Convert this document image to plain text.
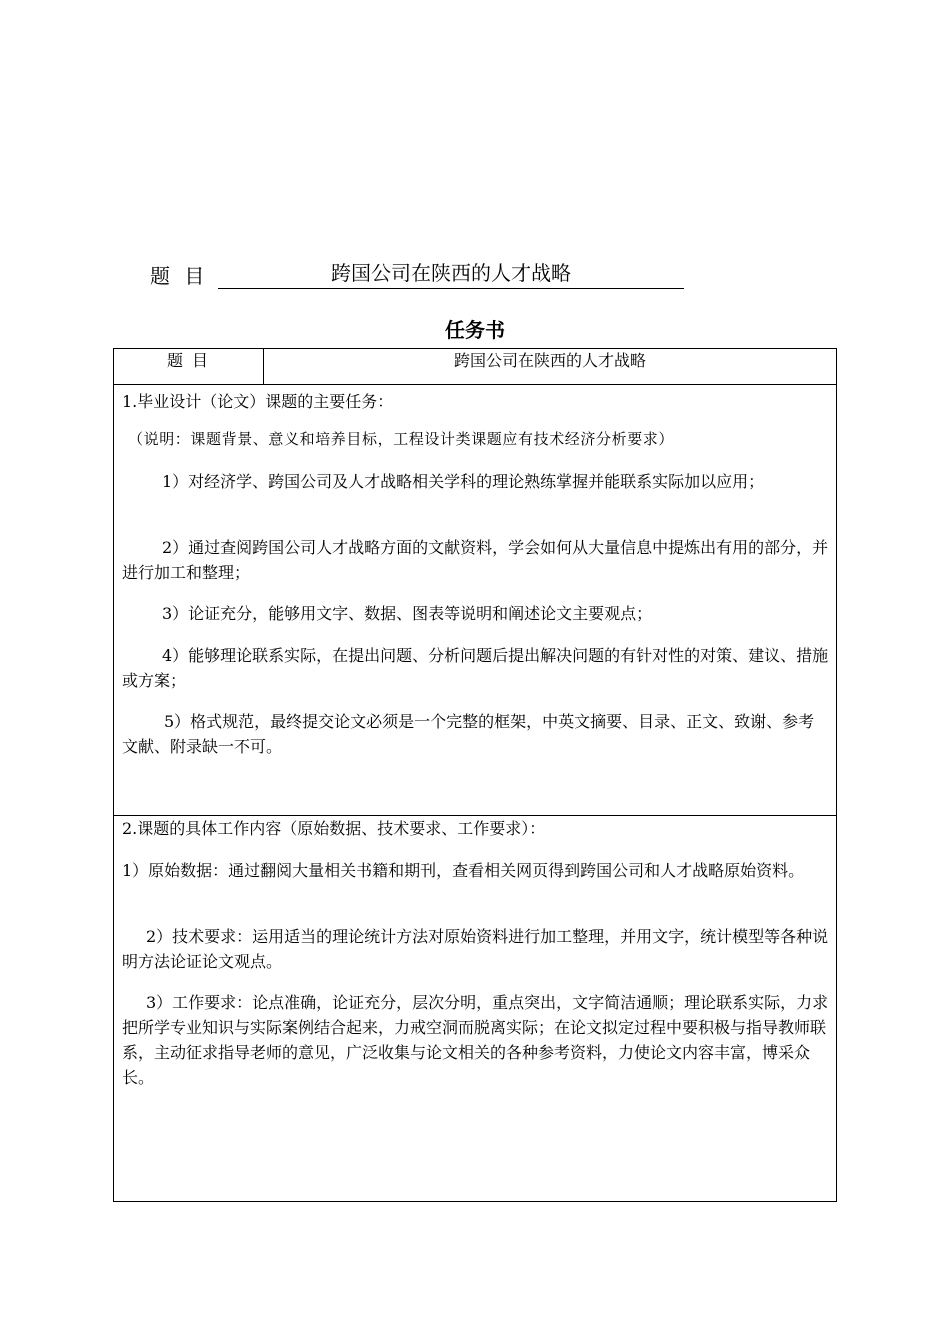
题 目	跨国公司在陕西的人才战略
任务书
题 目	跨国公司在陕西的人才战略

1.毕业设计（论文）课题的主要任务：

（说明：课题背景、意义和培养目标，工程设计类课题应有技术经济分析要求）

1）对经济学、跨国公司及人才战略相关学科的理论熟练掌握并能联系实际加以应用；

2）通过查阅跨国公司人才战略方面的文献资料，学会如何从大量信息中提炼出有用的部分，并进行加工和整理；

3）论证充分，能够用文字、数据、图表等说明和阐述论文主要观点；

4）能够理论联系实际，在提出问题、分析问题后提出解决问题的有针对性的对策、建议、措施或方案；

5）格式规范，最终提交论文必须是一个完整的框架，中英文摘要、目录、正文、致谢、参考文献、附录缺一不可。

2.课题的具体工作内容（原始数据、技术要求、工作要求）：

1）原始数据：通过翻阅大量相关书籍和期刊，查看相关网页得到跨国公司和人才战略原始资料。

2）技术要求：运用适当的理论统计方法对原始资料进行加工整理，并用文字，统计模型等各种说明方法论证论文观点。

3）工作要求：论点准确，论证充分，层次分明，重点突出，文字简洁通顺；理论联系实际，力求把所学专业知识与实际案例结合起来，力戒空洞而脱离实际；在论文拟定过程中要积极与指导教师联系，主动征求指导老师的意见，广泛收集与论文相关的各种参考资料，力使论文内容丰富，博采众长。
